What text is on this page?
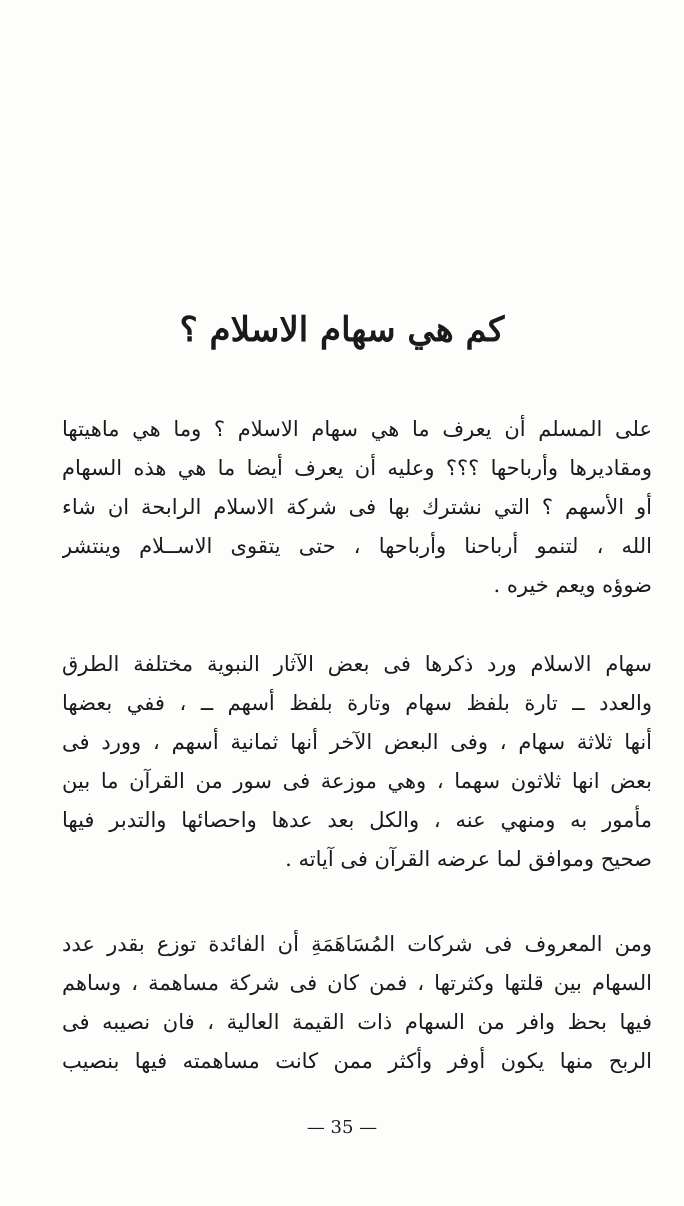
كم هي سهام الاسلام ؟
على المسلم أن يعرف ما هي سهام الاسلام ؟ وما هي ماهيتها
ومقاديرها وأرباحها ؟؟؟ وعليه أن يعرف أيضا ما هي هذه السهام
أو الأسهم ؟ التي نشترك بها فى شركة الاسلام الرابحة ان شاء
الله ، لتنمو أرباحنا وأرباحها ، حتى يتقوى الاســلام وينتشر
ضوؤه ويعم خيره .
سهام الاسلام ورد ذكرها فى بعض الآثار النبوية مختلفة الطرق
والعدد ــ تارة بلفظ سهام وتارة بلفظ أسهم ــ ، ففي بعضها
أنها ثلاثة سهام ، وفى البعض الآخر أنها ثمانية أسهم ، وورد فى
بعض انها ثلاثون سهما ، وهي موزعة فى سور من القرآن ما بين
مأمور به ومنهي عنه ، والكل بعد عدها واحصائها والتدبر فيها
صحيح وموافق لما عرضه القرآن فى آياته .
ومن المعروف فى شركات المُسَاهَمَةِ أن الفائدة توزع بقدر عدد
السهام بين قلتها وكثرتها ، فمن كان فى شركة مساهمة ، وساهم
فيها بحظ وافر من السهام ذات القيمة العالية ، فان نصيبه فى
الربح منها يكون أوفر وأكثر ممن كانت مساهمته فيها بنصيب
— 35 —
